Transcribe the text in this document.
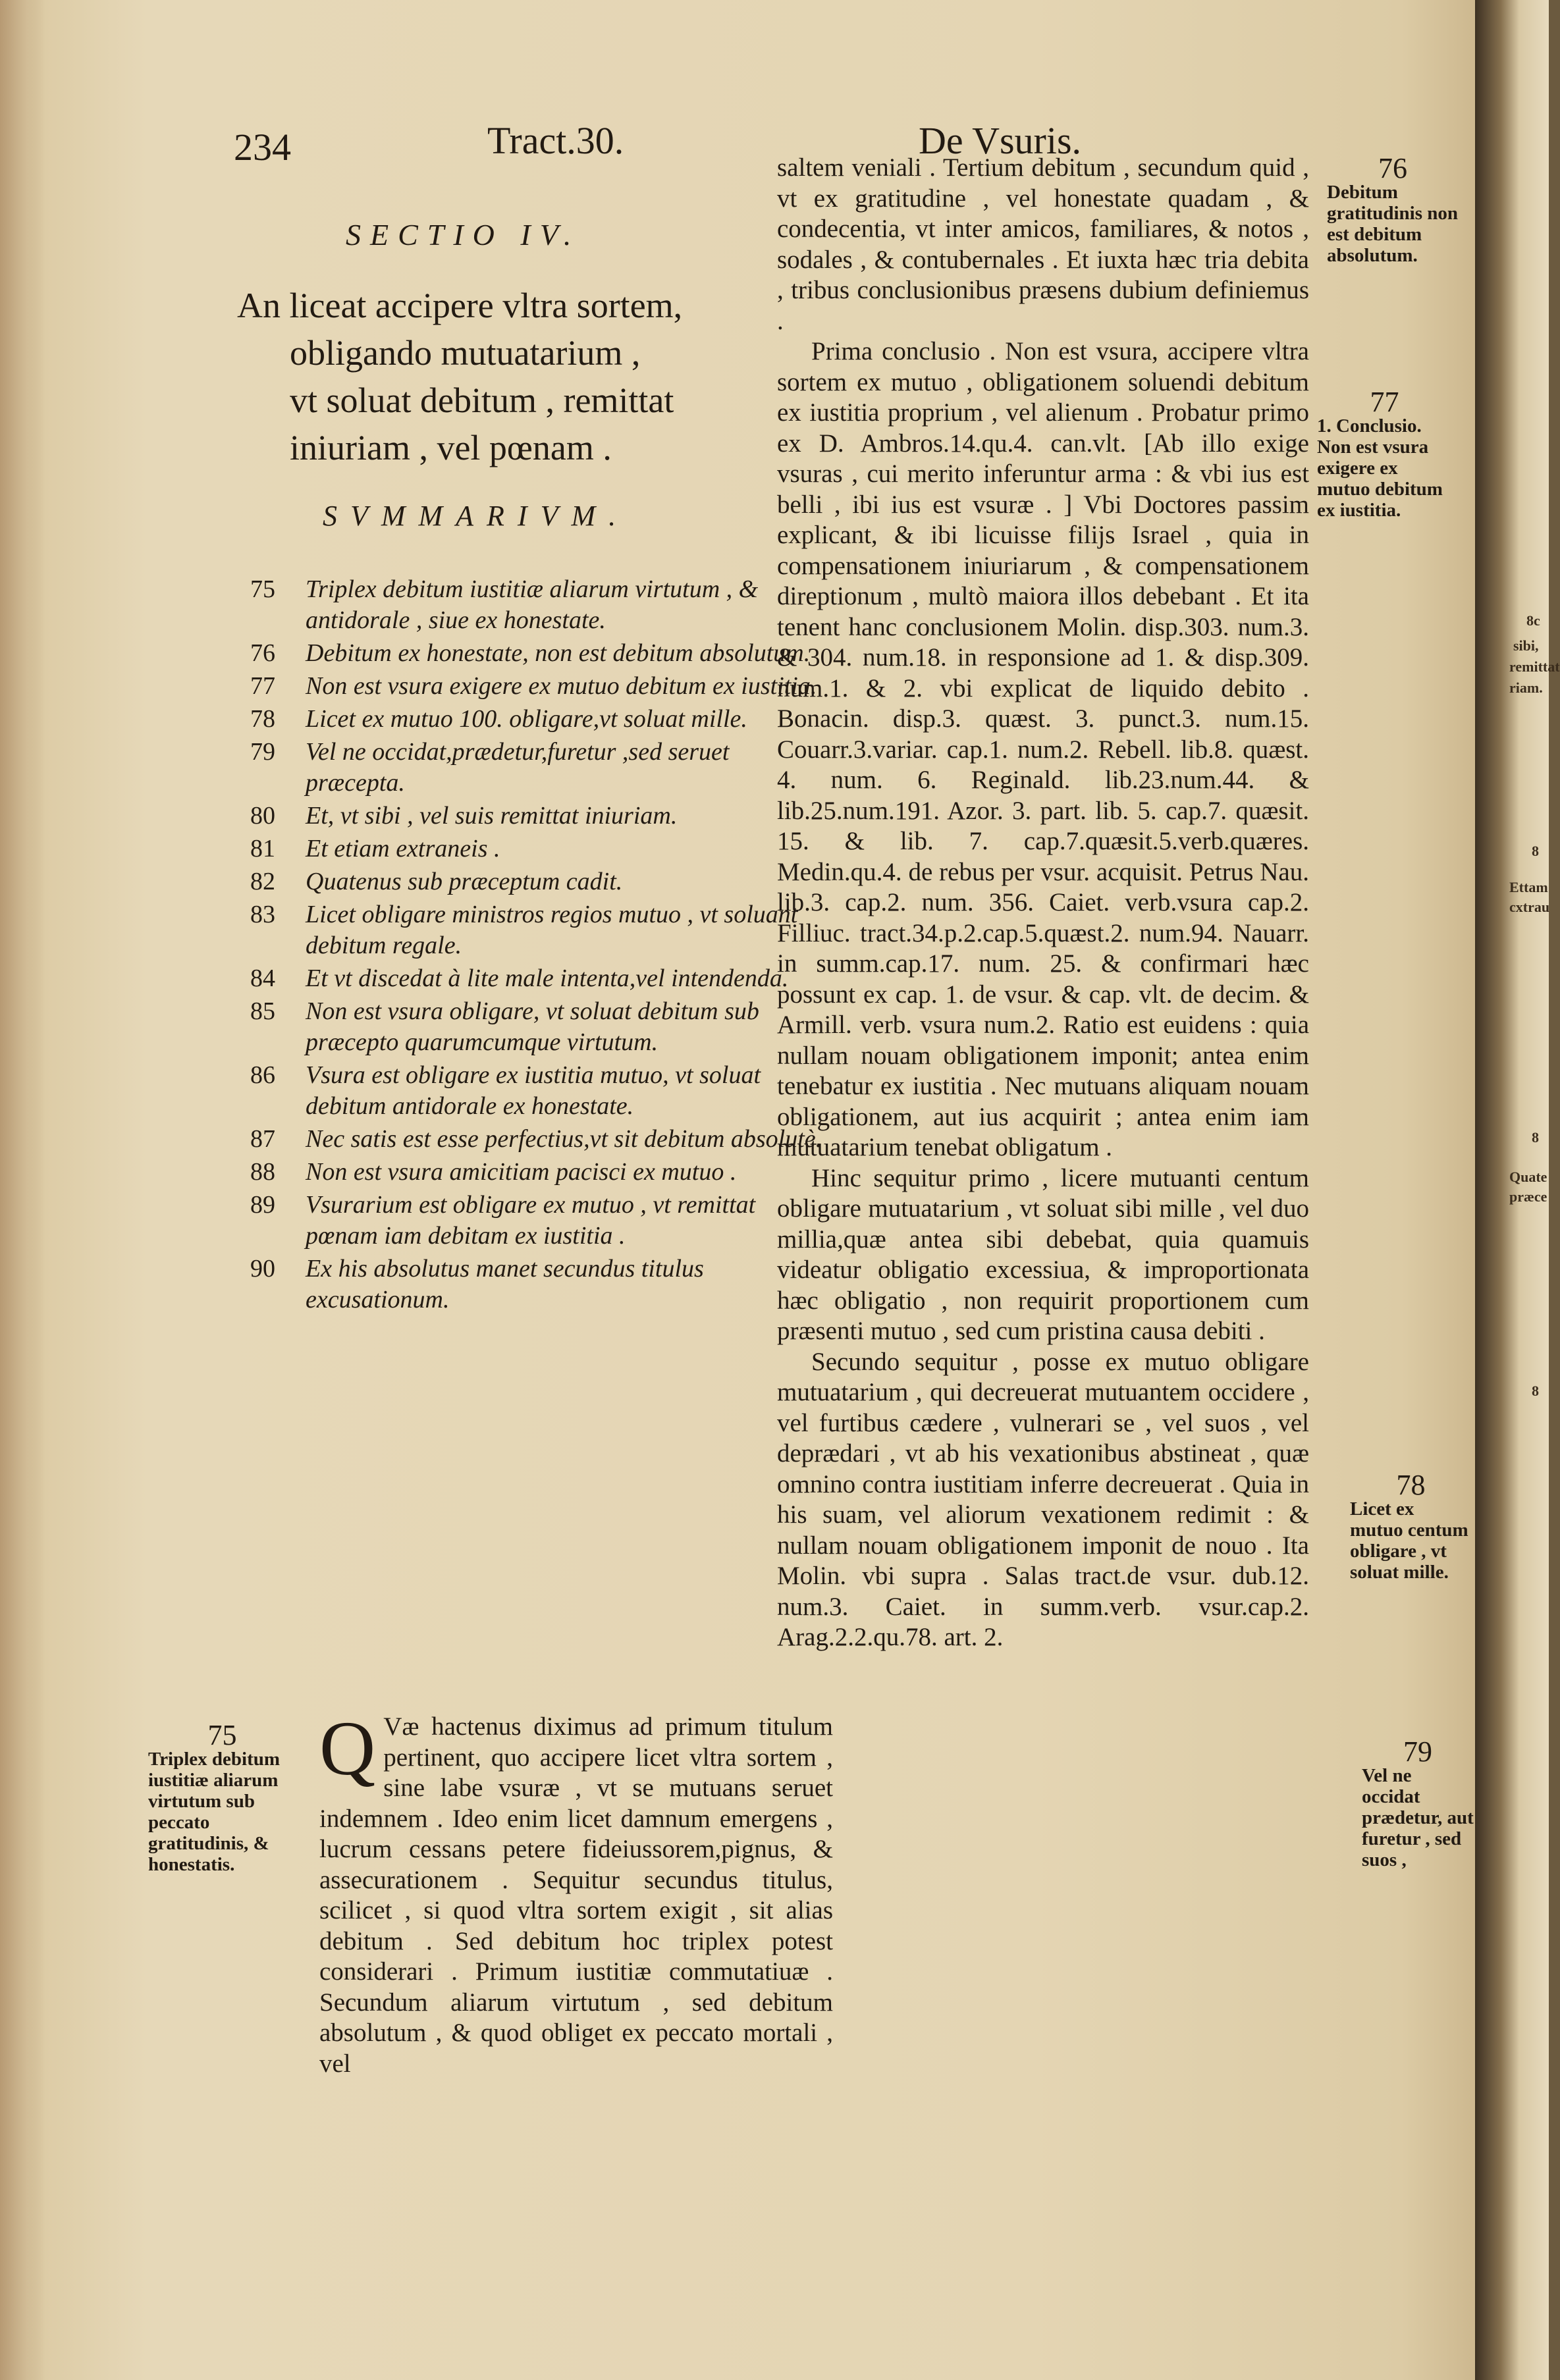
8c
sibi,
remittat
riam.
8
Ettam
cxtrau
8
Quate
præce
8
234	Tract.30.	De Vsuris.
SECTIO IV.
An liceat accipere vltra sortem,
obligando mutuatarium ,
vt soluat debitum , remittat
iniuriam , vel pœnam .
SVMMARIVM.
75 Triplex debitum iustitiæ aliarum virtutum , & antidorale , siue ex honestate.
76 Debitum ex honestate, non est debitum absolutum.
77 Non est vsura exigere ex mutuo debitum ex iustitia.
78 Licet ex mutuo 100. obligare,vt soluat mille.
79 Vel ne occidat,prædetur,furetur ,sed seruet præcepta.
80 Et, vt sibi , vel suis remittat iniuriam.
81 Et etiam extraneis .
82 Quatenus sub præceptum cadit.
83 Licet obligare ministros regios mutuo , vt soluant debitum regale.
84 Et vt discedat à lite male intenta,vel intendenda.
85 Non est vsura obligare, vt soluat debitum sub præcepto quarumcumque virtutum.
86 Vsura est obligare ex iustitia mutuo, vt soluat debitum antidorale ex honestate.
87 Nec satis est esse perfectius,vt sit debitum absolutè.
88 Non est vsura amicitiam pacisci ex mutuo .
89 Vsurarium est obligare ex mutuo , vt remittat pœnam iam debitam ex iustitia .
90 Ex his absolutus manet secundus titulus excusationum.
Q Væ hactenus diximus ad primum titulum pertinent, quo accipere licet vltra sortem , sine labe vsuræ , vt se mutuans seruet indemnem . Ideo enim licet damnum emergens , lucrum cessans petere fideiussorem,pignus, & assecurationem . Sequitur secundus titulus, scilicet , si quod vltra sortem exigit , sit alias debitum . Sed debitum hoc triplex potest considerari . Primum iustitiæ commutatiuæ . Secundum aliarum virtutum , sed debitum absolutum , & quod obliget ex peccato mortali , vel
75
Triplex debitum iustitiæ aliarum virtutum sub peccato gratitudinis, & honestatis.

saltem veniali . Tertium debitum , secundum quid , vt ex gratitudine , vel honestate quadam , & condecentia, vt inter amicos, familiares, & notos , sodales , & contubernales . Et iuxta hæc tria debita , tribus conclusionibus præsens dubium definiemus .

Prima conclusio . Non est vsura, accipere vltra sortem ex mutuo , obligationem soluendi debitum ex iustitia proprium , vel alienum . Probatur primo ex D. Ambros.14.qu.4. can.vlt. [Ab illo exige vsuras , cui merito inferuntur arma : & vbi ius est belli , ibi ius est vsuræ . ] Vbi Doctores passim explicant, & ibi licuisse filijs Israel , quia in compensationem iniuriarum , & compensationem direptionum , multò maiora illos debebant . Et ita tenent hanc conclusionem Molin. disp.303. num.3. & 304. num.18. in responsione ad 1. & disp.309. num.1. & 2. vbi explicat de liquido debito . Bonacin. disp.3. quæst. 3. punct.3. num.15. Couarr.3.variar. cap.1. num.2. Rebell. lib.8. quæst. 4. num. 6. Reginald. lib.23.num.44. & lib.25.num.191. Azor. 3. part. lib. 5. cap.7. quæsit. 15. & lib. 7. cap.7.quæsit.5.verb.quæres. Medin.qu.4. de rebus per vsur. acquisit. Petrus Nau. lib.3. cap.2. num. 356. Caiet. verb.vsura cap.2. Filliuc. tract.34.p.2.cap.5.quæst.2. num.94. Nauarr. in summ.cap.17. num. 25. & confirmari hæc possunt ex cap. 1. de vsur. & cap. vlt. de decim. & Armill. verb. vsura num.2. Ratio est euidens : quia nullam nouam obligationem imponit; antea enim tenebatur ex iustitia . Nec mutuans aliquam nouam obligationem, aut ius acquirit ; antea enim iam mutuatarium tenebat obligatum .

Hinc sequitur primo , licere mutuanti centum obligare mutuatarium , vt soluat sibi mille , vel duo millia,quæ antea sibi debebat, quia quamuis videatur obligatio excessiua, & improportionata hæc obligatio , non requirit proportionem cum præsenti mutuo , sed cum pristina causa debiti .

Secundo sequitur , posse ex mutuo obligare mutuatarium , qui decreuerat mutuantem occidere , vel furtibus cædere , vulnerari se , vel suos , vel deprædari , vt ab his vexationibus abstineat , quæ omnino contra iustitiam inferre decreuerat . Quia in his suam, vel aliorum vexationem redimit : & nullam nouam obligationem imponit de nouo . Ita Molin. vbi supra . Salas tract.de vsur. dub.12. num.3. Caiet. in summ.verb. vsur.cap.2. Arag.2.2.qu.78. art. 2.

76
Debitum gratitudinis non est debitum absolutum.
77
1. Conclusio. Non est vsura exigere ex mutuo debitum ex iustitia.
78
Licet ex mutuo centum obligare , vt soluat mille.
79
Vel ne occidat prædetur, aut furetur , sed suos ,
